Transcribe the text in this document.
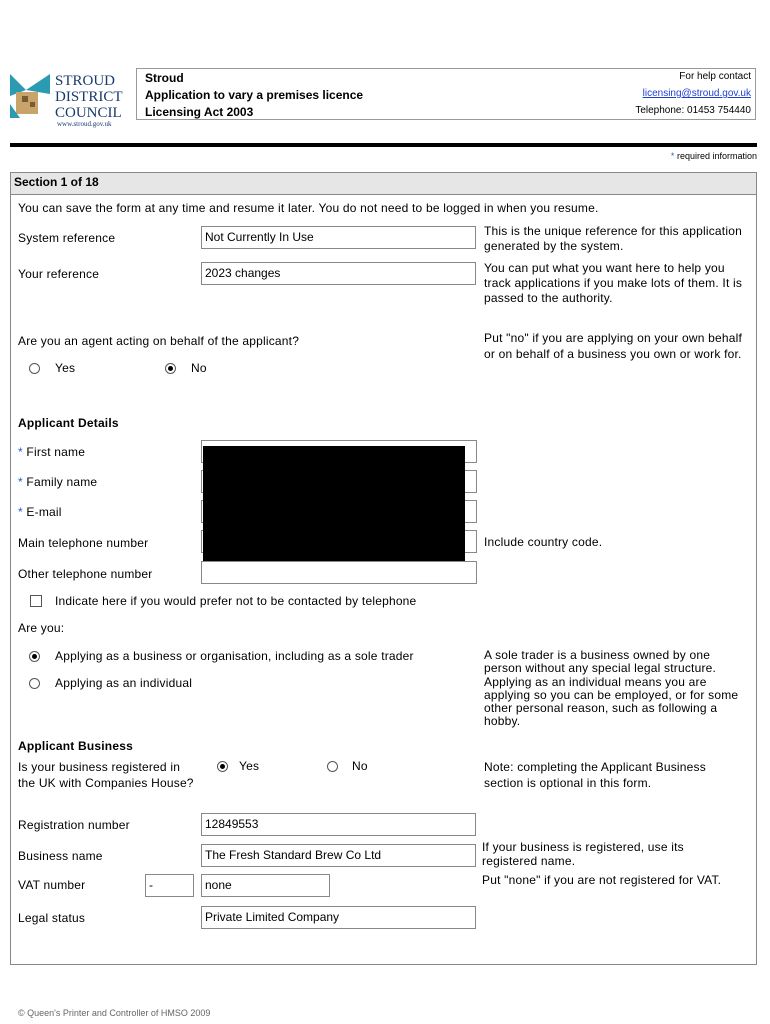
STROUD
DISTRICT
COUNCIL
www.stroud.gov.uk
Stroud
Application to vary a premises licence
Licensing Act 2003
For help contact
licensing@stroud.gov.uk
Telephone: 01453 754440
* required information
Section 1 of 18
You can save the form at any time and resume it later. You do not need to be logged in when you resume.
System reference	Not Currently In Use	This is the unique reference for this application generated by the system.
Your reference	2023 changes	You can put what you want here to help you track applications if you make lots of them. It is passed to the authority.
Are you an agent acting on behalf of the applicant?
Yes	No
Put "no" if you are applying on your own behalf or on behalf of a business you own or work for.
Applicant Details
* First name
* Family name
* E-mail
Main telephone number	Include country code.
Other telephone number
Indicate here if you would prefer not to be contacted by telephone
Are you:
Applying as a business or organisation, including as a sole trader
Applying as an individual
A sole trader is a business owned by one person without any special legal structure. Applying as an individual means you are applying so you can be employed, or for some other personal reason, such as following a hobby.
Applicant Business
Is your business registered in the UK with Companies House?
Yes	No	Note: completing the Applicant Business section is optional in this form.
Registration number	12849553
Business name	The Fresh Standard Brew Co Ltd
If your business is registered, use its registered name.
VAT number	-	none	Put "none" if you are not registered for VAT.
Legal status	Private Limited Company
© Queen's Printer and Controller of HMSO 2009
